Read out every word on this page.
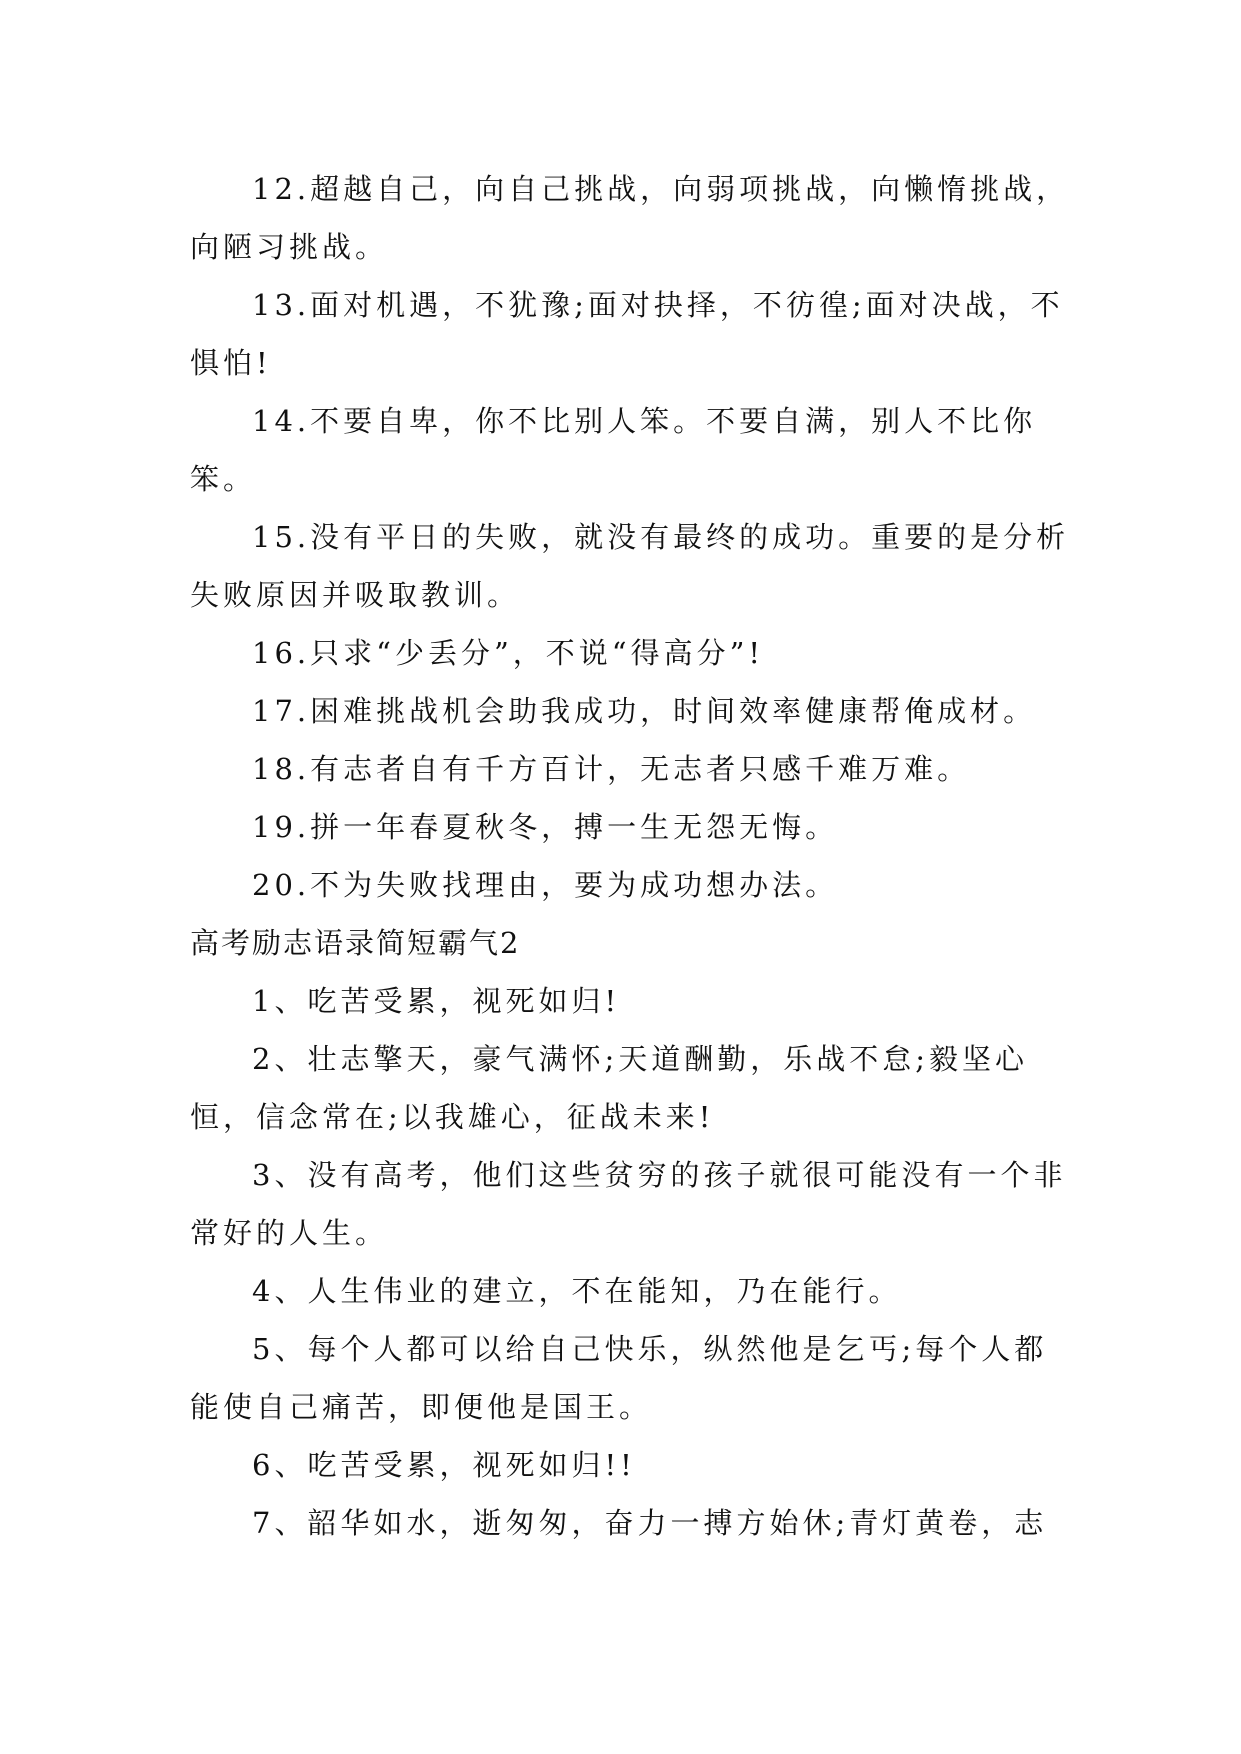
12.超越自己，向自己挑战，向弱项挑战，向懒惰挑战，向陋习挑战。

13.面对机遇，不犹豫;面对抉择，不彷徨;面对决战，不惧怕!

14.不要自卑，你不比别人笨。不要自满，别人不比你笨。

15.没有平日的失败，就没有最终的成功。重要的是分析失败原因并吸取教训。

16.只求“少丢分”，不说“得高分”!

17.困难挑战机会助我成功，时间效率健康帮俺成材。

18.有志者自有千方百计，无志者只感千难万难。

19.拼一年春夏秋冬，搏一生无怨无悔。

20.不为失败找理由，要为成功想办法。

高考励志语录简短霸气2

1、吃苦受累，视死如归!

2、壮志擎天，豪气满怀;天道酬勤，乐战不怠;毅坚心恒，信念常在;以我雄心，征战未来!

3、没有高考，他们这些贫穷的孩子就很可能没有一个非常好的人生。

4、人生伟业的建立，不在能知，乃在能行。

5、每个人都可以给自己快乐，纵然他是乞丐;每个人都能使自己痛苦，即便他是国王。

6、吃苦受累，视死如归!!

7、韶华如水，逝匆匆，奋力一搏方始休;青灯黄卷，志
